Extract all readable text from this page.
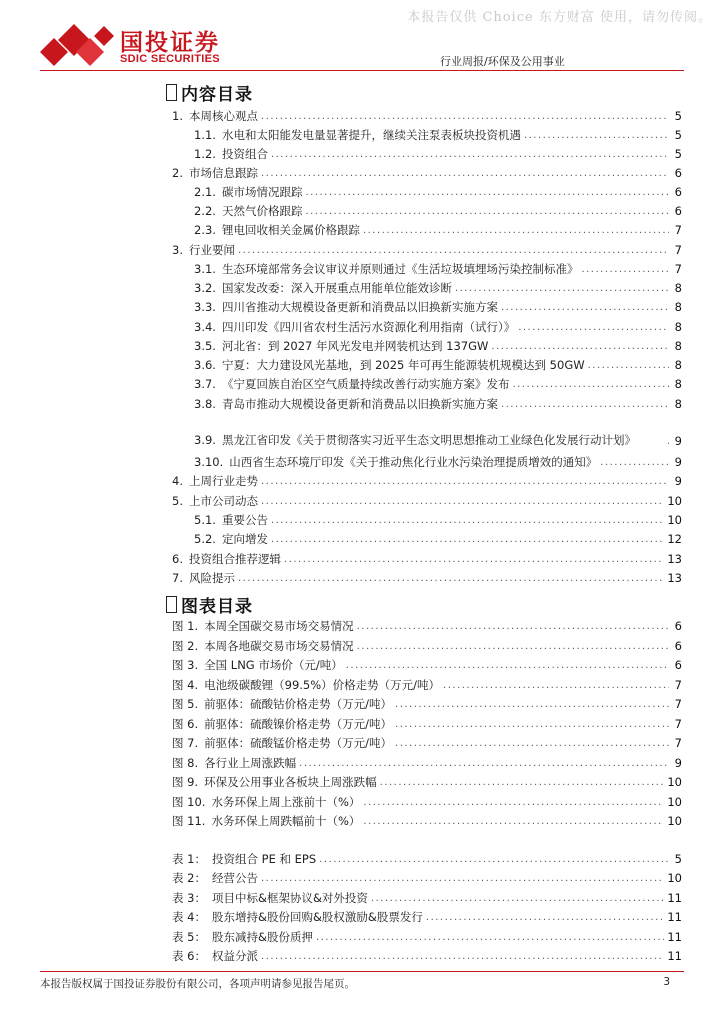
本报告仅供 Choice 东方财富 使用，请勿传阅。
国投证券
SDIC SECURITIES	行业周报/环保及公用事业
内容目录
图表目录
1. 本周核心观点 .....	5
1.1. 水电和太阳能发电量显著提升，继续关注泵表板块投资机遇 .....	5
1.2. 投资组合 .....	5
2. 市场信息跟踪 .....	6
2.1. 碳市场情况跟踪 .....	6
2.2. 天然气价格跟踪 .....	6
2.3. 锂电回收相关金属价格跟踪 .....	7
3. 行业要闻 .....	7
3.1. 生态环境部常务会议审议并原则通过《生活垃圾填埋场污染控制标准》 .....	7
3.2. 国家发改委：深入开展重点用能单位能效诊断 .....	8
3.3. 四川省推动大规模设备更新和消费品以旧换新实施方案 .....	8
3.4. 四川印发《四川省农村生活污水资源化利用指南（试行）》 .....	8
3.5. 河北省：到 2027 年风光发电并网装机达到 137GW .....	8
3.6. 宁夏：大力建设风光基地，到 2025 年可再生能源装机规模达到 50GW .....	8
3.7. 《宁夏回族自治区空气质量持续改善行动实施方案》发布 .....	8
3.8. 青岛市推动大规模设备更新和消费品以旧换新实施方案 .....	8
3.9. 黑龙江省印发《关于贯彻落实习近平生态文明思想推动工业绿色化发展行动计划》 .....	9
3.10. 山西省生态环境厅印发《关于推动焦化行业水污染治理提质增效的通知》 .....	9
4. 上周行业走势 .....	9
5. 上市公司动态 .....	10
5.1. 重要公告 .....	10
5.2. 定向增发 .....	12
6. 投资组合推荐逻辑 .....	13
7. 风险提示 .....	13
图 1. 本周全国碳交易市场交易情况 .....	6
图 2. 本周各地碳交易市场交易情况 .....	6
图 3. 全国 LNG 市场价（元/吨） .....	6
图 4. 电池级碳酸锂（99.5%）价格走势（万元/吨） .....	7
图 5. 前驱体：硫酸钴价格走势（万元/吨） .....	7
图 6. 前驱体：硫酸镍价格走势（万元/吨） .....	7
图 7. 前驱体：硫酸锰价格走势（万元/吨） .....	7
图 8. 各行业上周涨跌幅 .....	9
图 9. 环保及公用事业各板块上周涨跌幅 .....	10
图 10. 水务环保上周上涨前十（%） .....	10
图 11. 水务环保上周跌幅前十（%） .....	10
表 1： 投资组合 PE 和 EPS .....	5
表 2： 经营公告 .....	10
表 3： 项目中标&框架协议&对外投资 .....	11
表 4： 股东增持&股份回购&股权激励&股票发行 .....	11
表 5： 股东减持&股份质押 .....	11
表 6： 权益分派 .....	11
本报告版权属于国投证券股份有限公司，各项声明请参见报告尾页。	3
